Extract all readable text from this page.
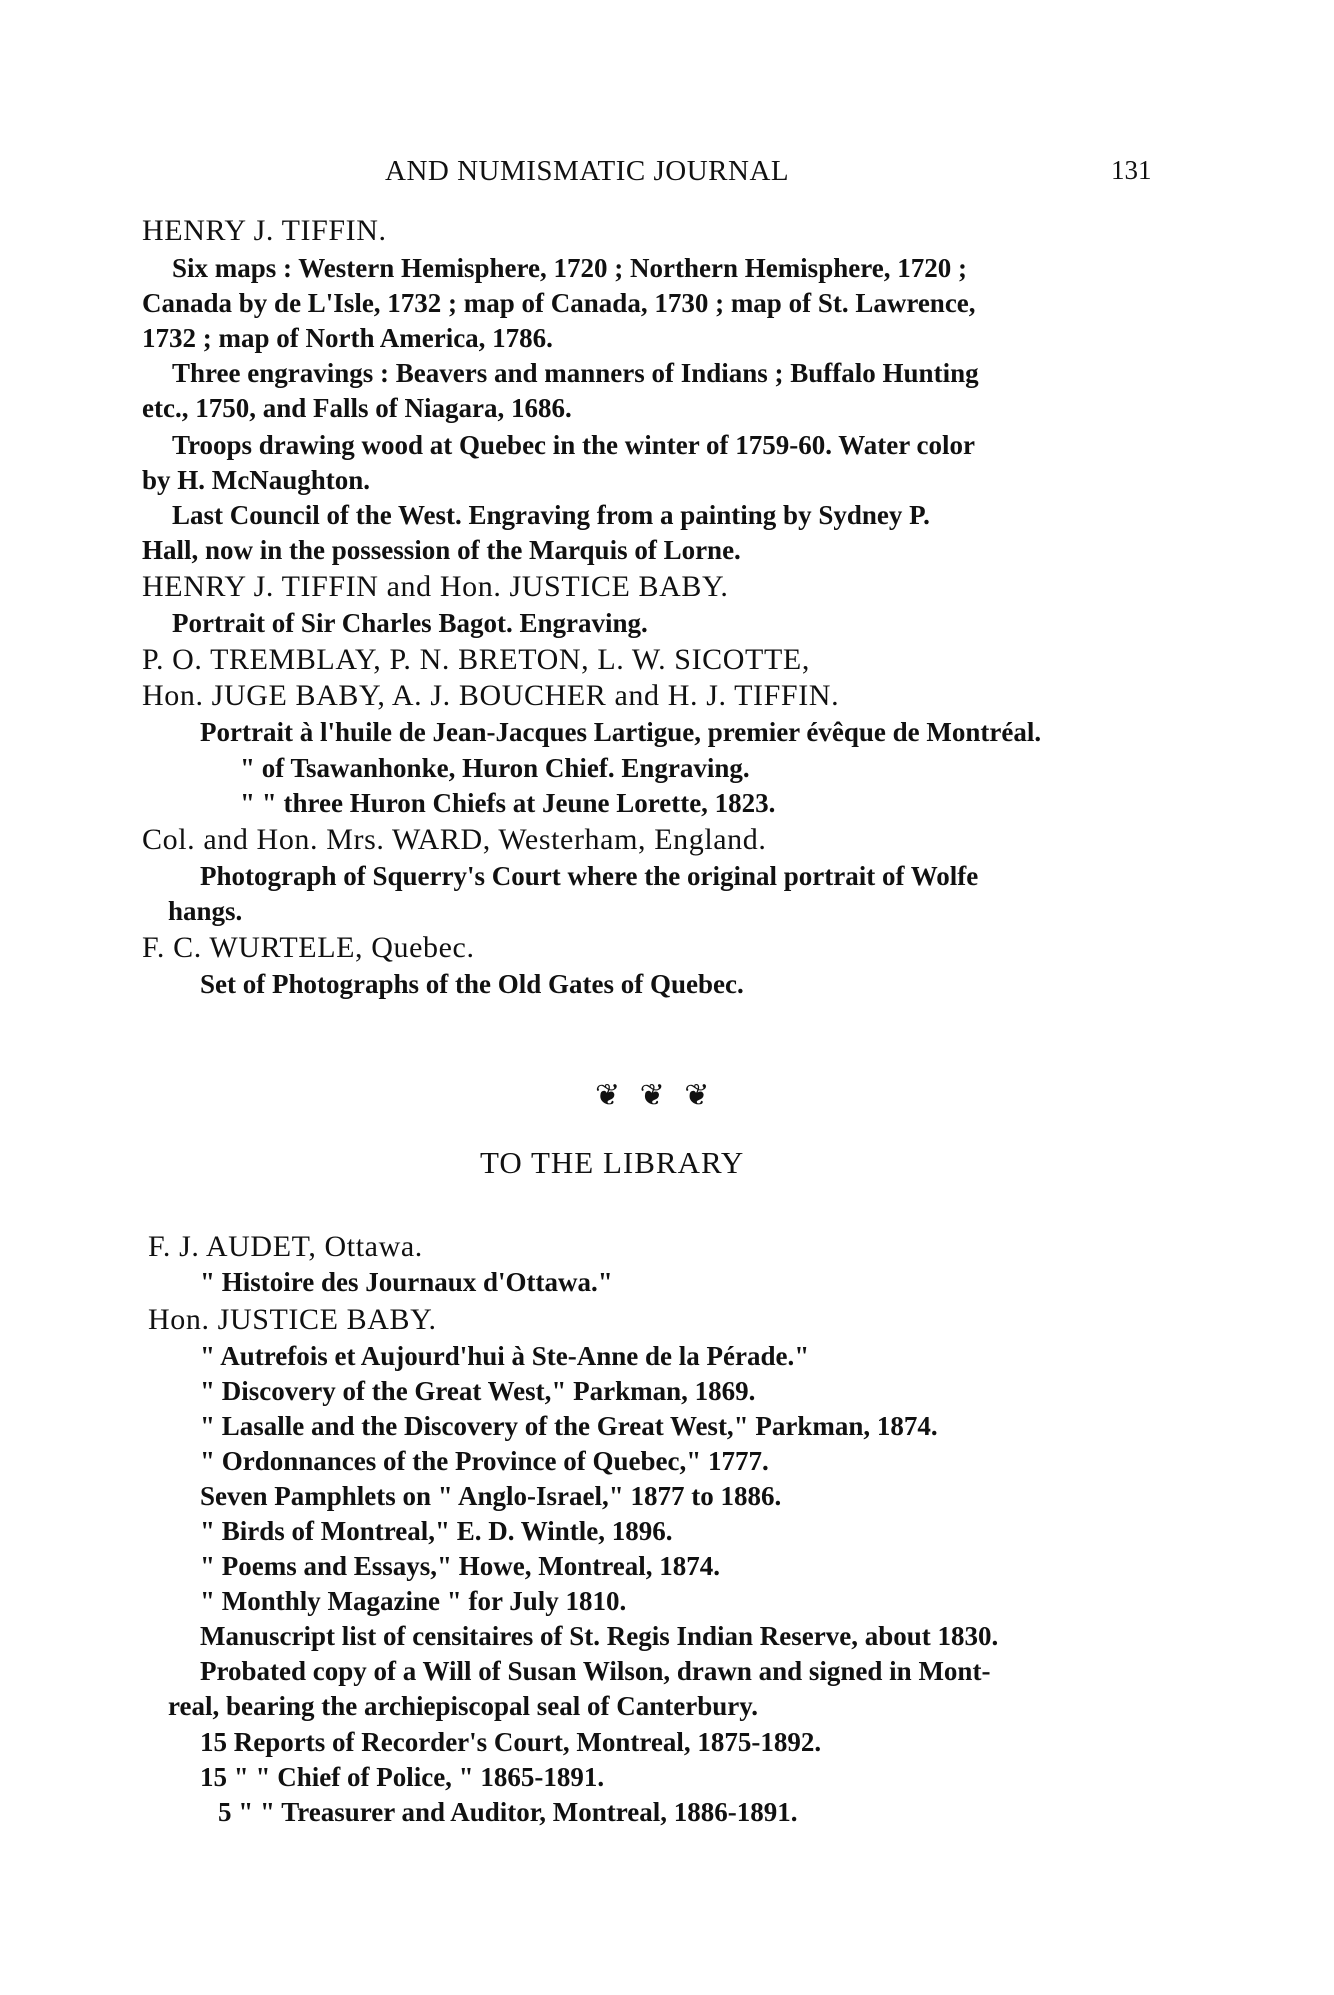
AND NUMISMATIC JOURNAL	131
HENRY J. TIFFIN.
Six maps : Western Hemisphere, 1720 ; Northern Hemisphere, 1720 ;
Canada by de L'Isle, 1732 ; map of Canada, 1730 ; map of St. Lawrence,
1732 ; map of North America, 1786.
Three engravings : Beavers and manners of Indians ; Buffalo Hunting
etc., 1750, and Falls of Niagara, 1686.
Troops drawing wood at Quebec in the winter of 1759-60. Water color
by H. McNaughton.
Last Council of the West. Engraving from a painting by Sydney P.
Hall, now in the possession of the Marquis of Lorne.
HENRY J. TIFFIN and Hon. JUSTICE BABY.
Portrait of Sir Charles Bagot. Engraving.
P. O. TREMBLAY, P. N. BRETON, L. W. SICOTTE,
Hon. JUGE BABY, A. J. BOUCHER and H. J. TIFFIN.
Portrait à l'huile de Jean-Jacques Lartigue, premier évêque de Montréal.
" of Tsawanhonke, Huron Chief. Engraving.
" " three Huron Chiefs at Jeune Lorette, 1823.
Col. and Hon. Mrs. WARD, Westerham, England.
Photograph of Squerry's Court where the original portrait of Wolfe
hangs.
F. C. WURTELE, Quebec.
Set of Photographs of the Old Gates of Quebec.
❦ ❦ ❦
TO THE LIBRARY
F. J. AUDET, Ottawa.
" Histoire des Journaux d'Ottawa."
Hon. JUSTICE BABY.
" Autrefois et Aujourd'hui à Ste-Anne de la Pérade."
" Discovery of the Great West," Parkman, 1869.
" Lasalle and the Discovery of the Great West," Parkman, 1874.
" Ordonnances of the Province of Quebec," 1777.
Seven Pamphlets on " Anglo-Israel," 1877 to 1886.
" Birds of Montreal," E. D. Wintle, 1896.
" Poems and Essays," Howe, Montreal, 1874.
" Monthly Magazine " for July 1810.
Manuscript list of censitaires of St. Regis Indian Reserve, about 1830.
Probated copy of a Will of Susan Wilson, drawn and signed in Mont-
real, bearing the archiepiscopal seal of Canterbury.
15 Reports of Recorder's Court, Montreal, 1875-1892.
15 " " Chief of Police, " 1865-1891.
5 " " Treasurer and Auditor, Montreal, 1886-1891.
